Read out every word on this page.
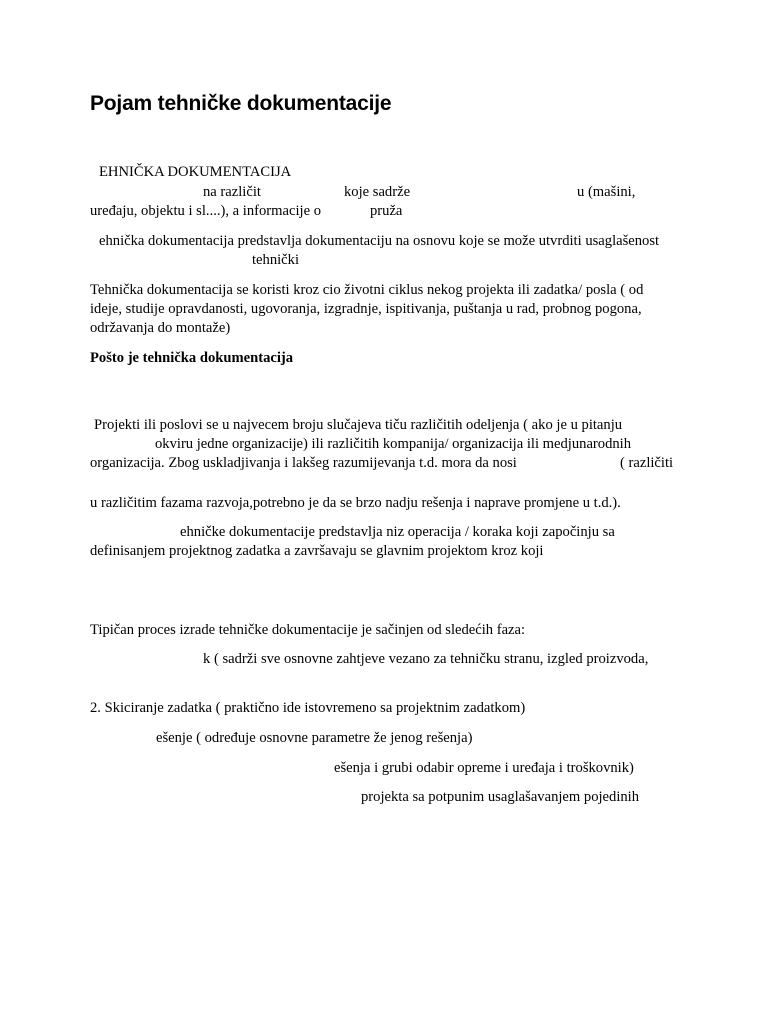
Pojam tehničke dokumentacije
EHNIČKA DOKUMENTACIJA
na različit	koje sadrže	u (mašini,
uređaju, objektu i sl....), a informacije o	pruža
ehnička dokumentacija predstavlja dokumentaciju na osnovu koje se može utvrditi usaglašenost
tehnički
Tehnička dokumentacija se koristi kroz cio životni ciklus nekog projekta ili zadatka/ posla ( od
ideje, studije opravdanosti, ugovoranja, izgradnje, ispitivanja, puštanja u rad, probnog pogona,
održavanja do montaže)
Pošto je tehnička dokumentacija
Projekti ili poslovi se u najvecem broju slučajeva tiču različitih odeljenja ( ako je u pitanju
okviru jedne organizacije) ili različitih kompanija/ organizacija ili medjunarodnih
organizacija. Zbog uskladjivanja i lakšeg razumijevanja t.d. mora da nosi	( različiti
u različitim fazama razvoja,potrebno je da se brzo nadju rešenja i naprave promjene u t.d.).
ehničke dokumentacije predstavlja niz operacija / koraka koji započinju sa
definisanjem projektnog zadatka a završavaju se glavnim projektom kroz koji
Tipičan proces izrade tehničke dokumentacije je sačinjen od sledećih faza:
k ( sadrži sve osnovne zahtjeve vezano za tehničku stranu, izgled proizvoda,
2. Skiciranje zadatka ( praktično ide istovremeno sa projektnim zadatkom)
ešenje ( određuje osnovne parametre že jenog rešenja)
ešenja i grubi odabir opreme i uređaja i troškovnik)
projekta sa potpunim usaglašavanjem pojedinih
